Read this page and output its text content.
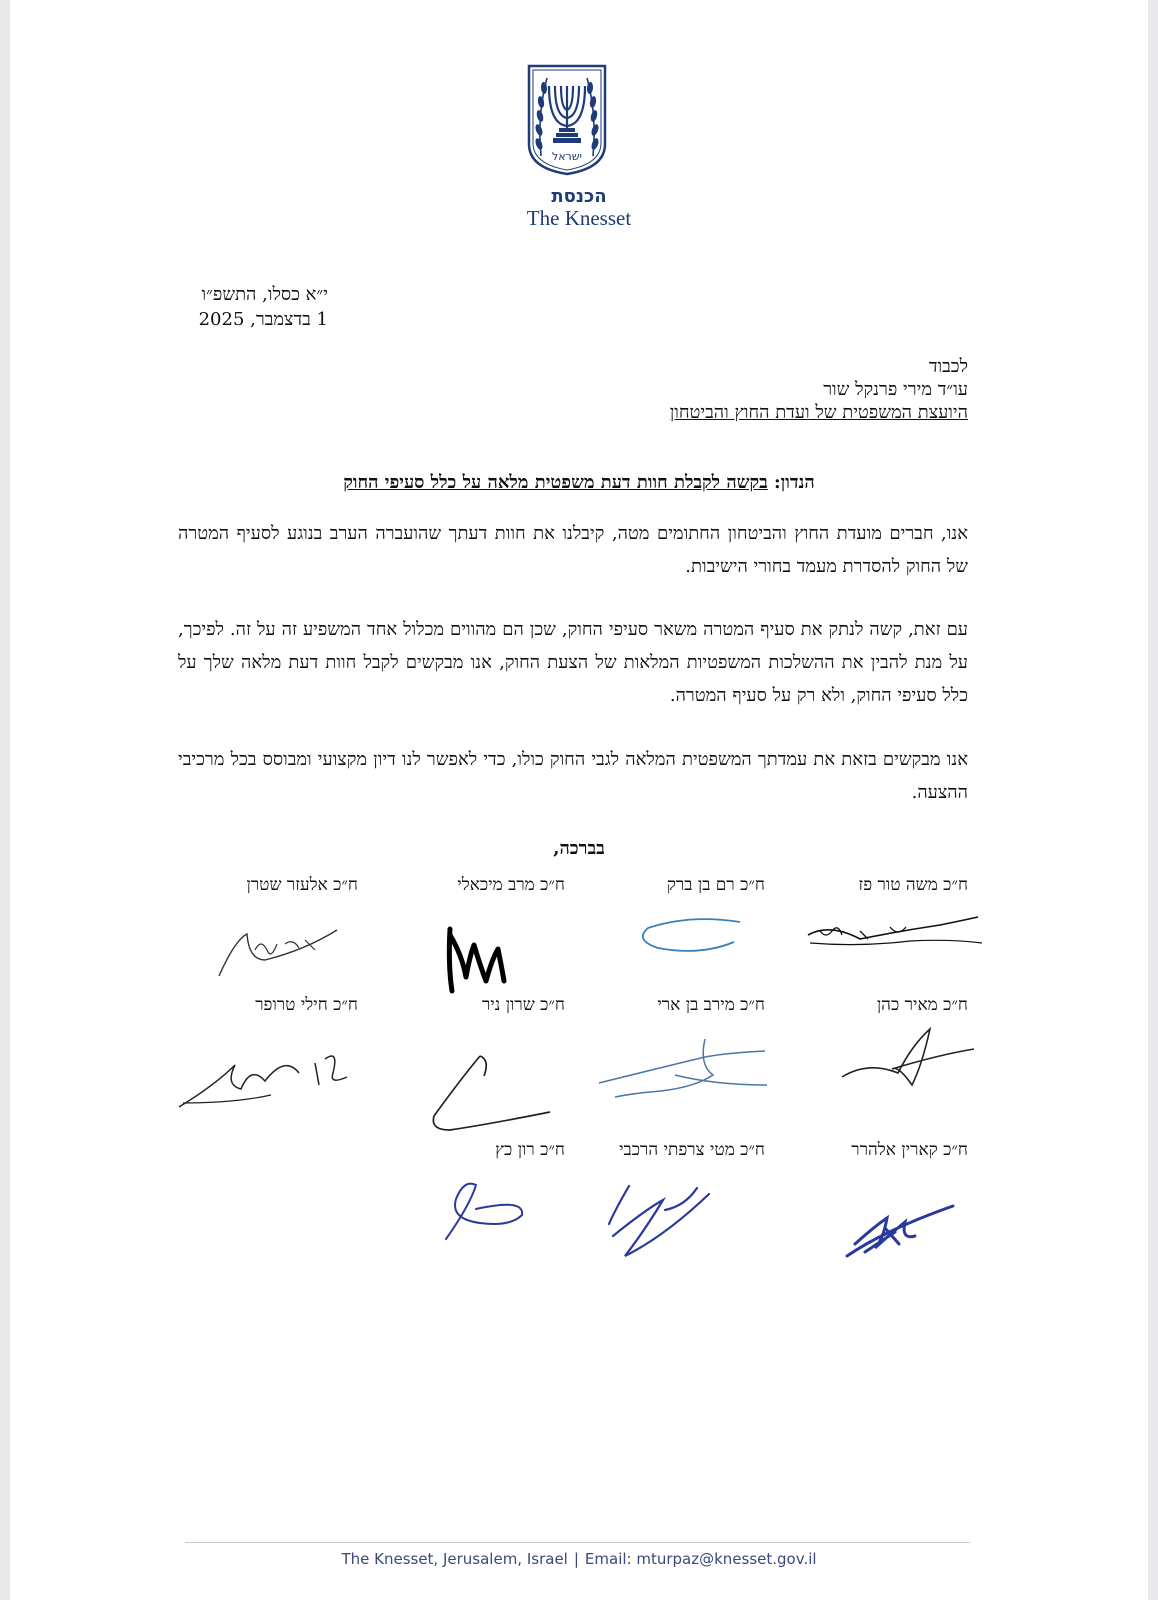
ישראל
הכנסת
The Knesset
י״א כסלו, התשפ״ו
1 בדצמבר, 2025
לכבוד
עו״ד מירי פרנקל שור
היועצת המשפטית של ועדת החוץ והביטחון
הנדון: בקשה לקבלת חוות דעת משפטית מלאה על כלל סעיפי החוק
אנו, חברים מועדת החוץ והביטחון החתומים מטה, קיבלנו את חוות דעתך שהועברה הערב בנוגע לסעיף המטרה של החוק להסדרת מעמד בחורי הישיבות.
עם זאת, קשה לנתק את סעיף המטרה משאר סעיפי החוק, שכן הם מהווים מכלול אחד המשפיע זה על זה. לפיכך, על מנת להבין את ההשלכות המשפטיות המלאות של הצעת החוק, אנו מבקשים לקבל חוות דעת מלאה שלך על כלל סעיפי החוק, ולא רק על סעיף המטרה.
אנו מבקשים בזאת את עמדתך המשפטית המלאה לגבי החוק כולו, כדי לאפשר לנו דיון מקצועי ומבוסס בכל מרכיבי ההצעה.
בברכה,
ח״כ משה טור פז
ח״כ רם בן ברק
ח״כ מרב מיכאלי
ח״כ אלעזר שטרן
ח״כ מאיר כהן
ח״כ מירב בן ארי
ח״כ שרון ניר
ח״כ חילי טרופר
ח״כ קארין אלהרר
ח״כ מטי צרפתי הרכבי
ח״כ רון כץ
The Knesset, Jerusalem, Israel | Email: mturpaz@knesset.gov.il
